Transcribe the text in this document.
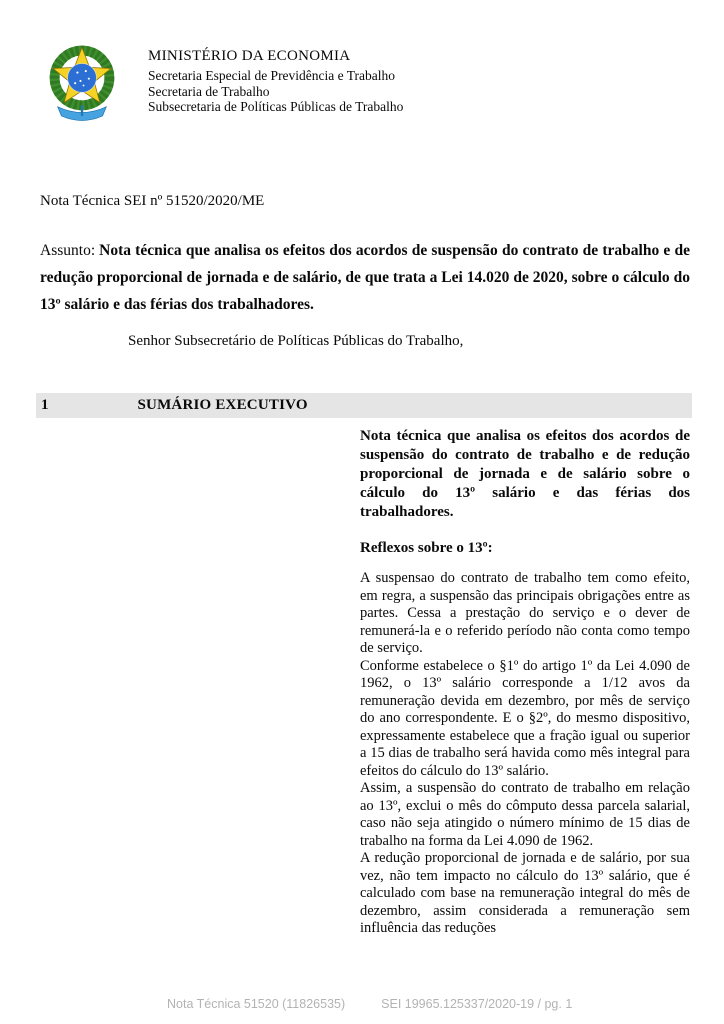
MINISTÉRIO DA ECONOMIA

Secretaria Especial de Previdência e Trabalho

Secretaria de Trabalho

Subsecretaria de Políticas Públicas de Trabalho

Nota Técnica SEI nº 51520/2020/ME
Assunto: Nota técnica que analisa os efeitos dos acordos de suspensão do contrato de trabalho e de redução proporcional de jornada e de salário, de que trata a Lei 14.020 de 2020, sobre o cálculo do 13º salário e das férias dos trabalhadores.
Senhor Subsecretário de Políticas Públicas do Trabalho,
1	SUMÁRIO EXECUTIVO

Nota técnica que analisa os efeitos dos acordos de suspensão do contrato de trabalho e de redução proporcional de jornada e de salário sobre o cálculo do 13º salário e das férias dos trabalhadores.

Reflexos sobre o 13º:

A suspensao do contrato de trabalho tem como efeito, em regra, a suspensão das principais obrigações entre as partes. Cessa a prestação do serviço e o dever de remunerá-la e o referido período não conta como tempo de serviço.

Conforme estabelece o §1º do artigo 1º da Lei 4.090 de 1962, o 13º salário corresponde a 1/12 avos da remuneração devida em dezembro, por mês de serviço do ano correspondente. E o §2º, do mesmo dispositivo, expressamente estabelece que a fração igual ou superior a 15 dias de trabalho será havida como mês integral para efeitos do cálculo do 13º salário.

Assim, a suspensão do contrato de trabalho em relação ao 13º, exclui o mês do cômputo dessa parcela salarial, caso não seja atingido o número mínimo de 15 dias de trabalho na forma da Lei 4.090 de 1962.

A redução proporcional de jornada e de salário, por sua vez, não tem impacto no cálculo do 13º salário, que é calculado com base na remuneração integral do mês de dezembro, assim considerada a remuneração sem influência das reduções

Nota Técnica 51520 (11826535)	SEI 19965.125337/2020-19 / pg. 1
